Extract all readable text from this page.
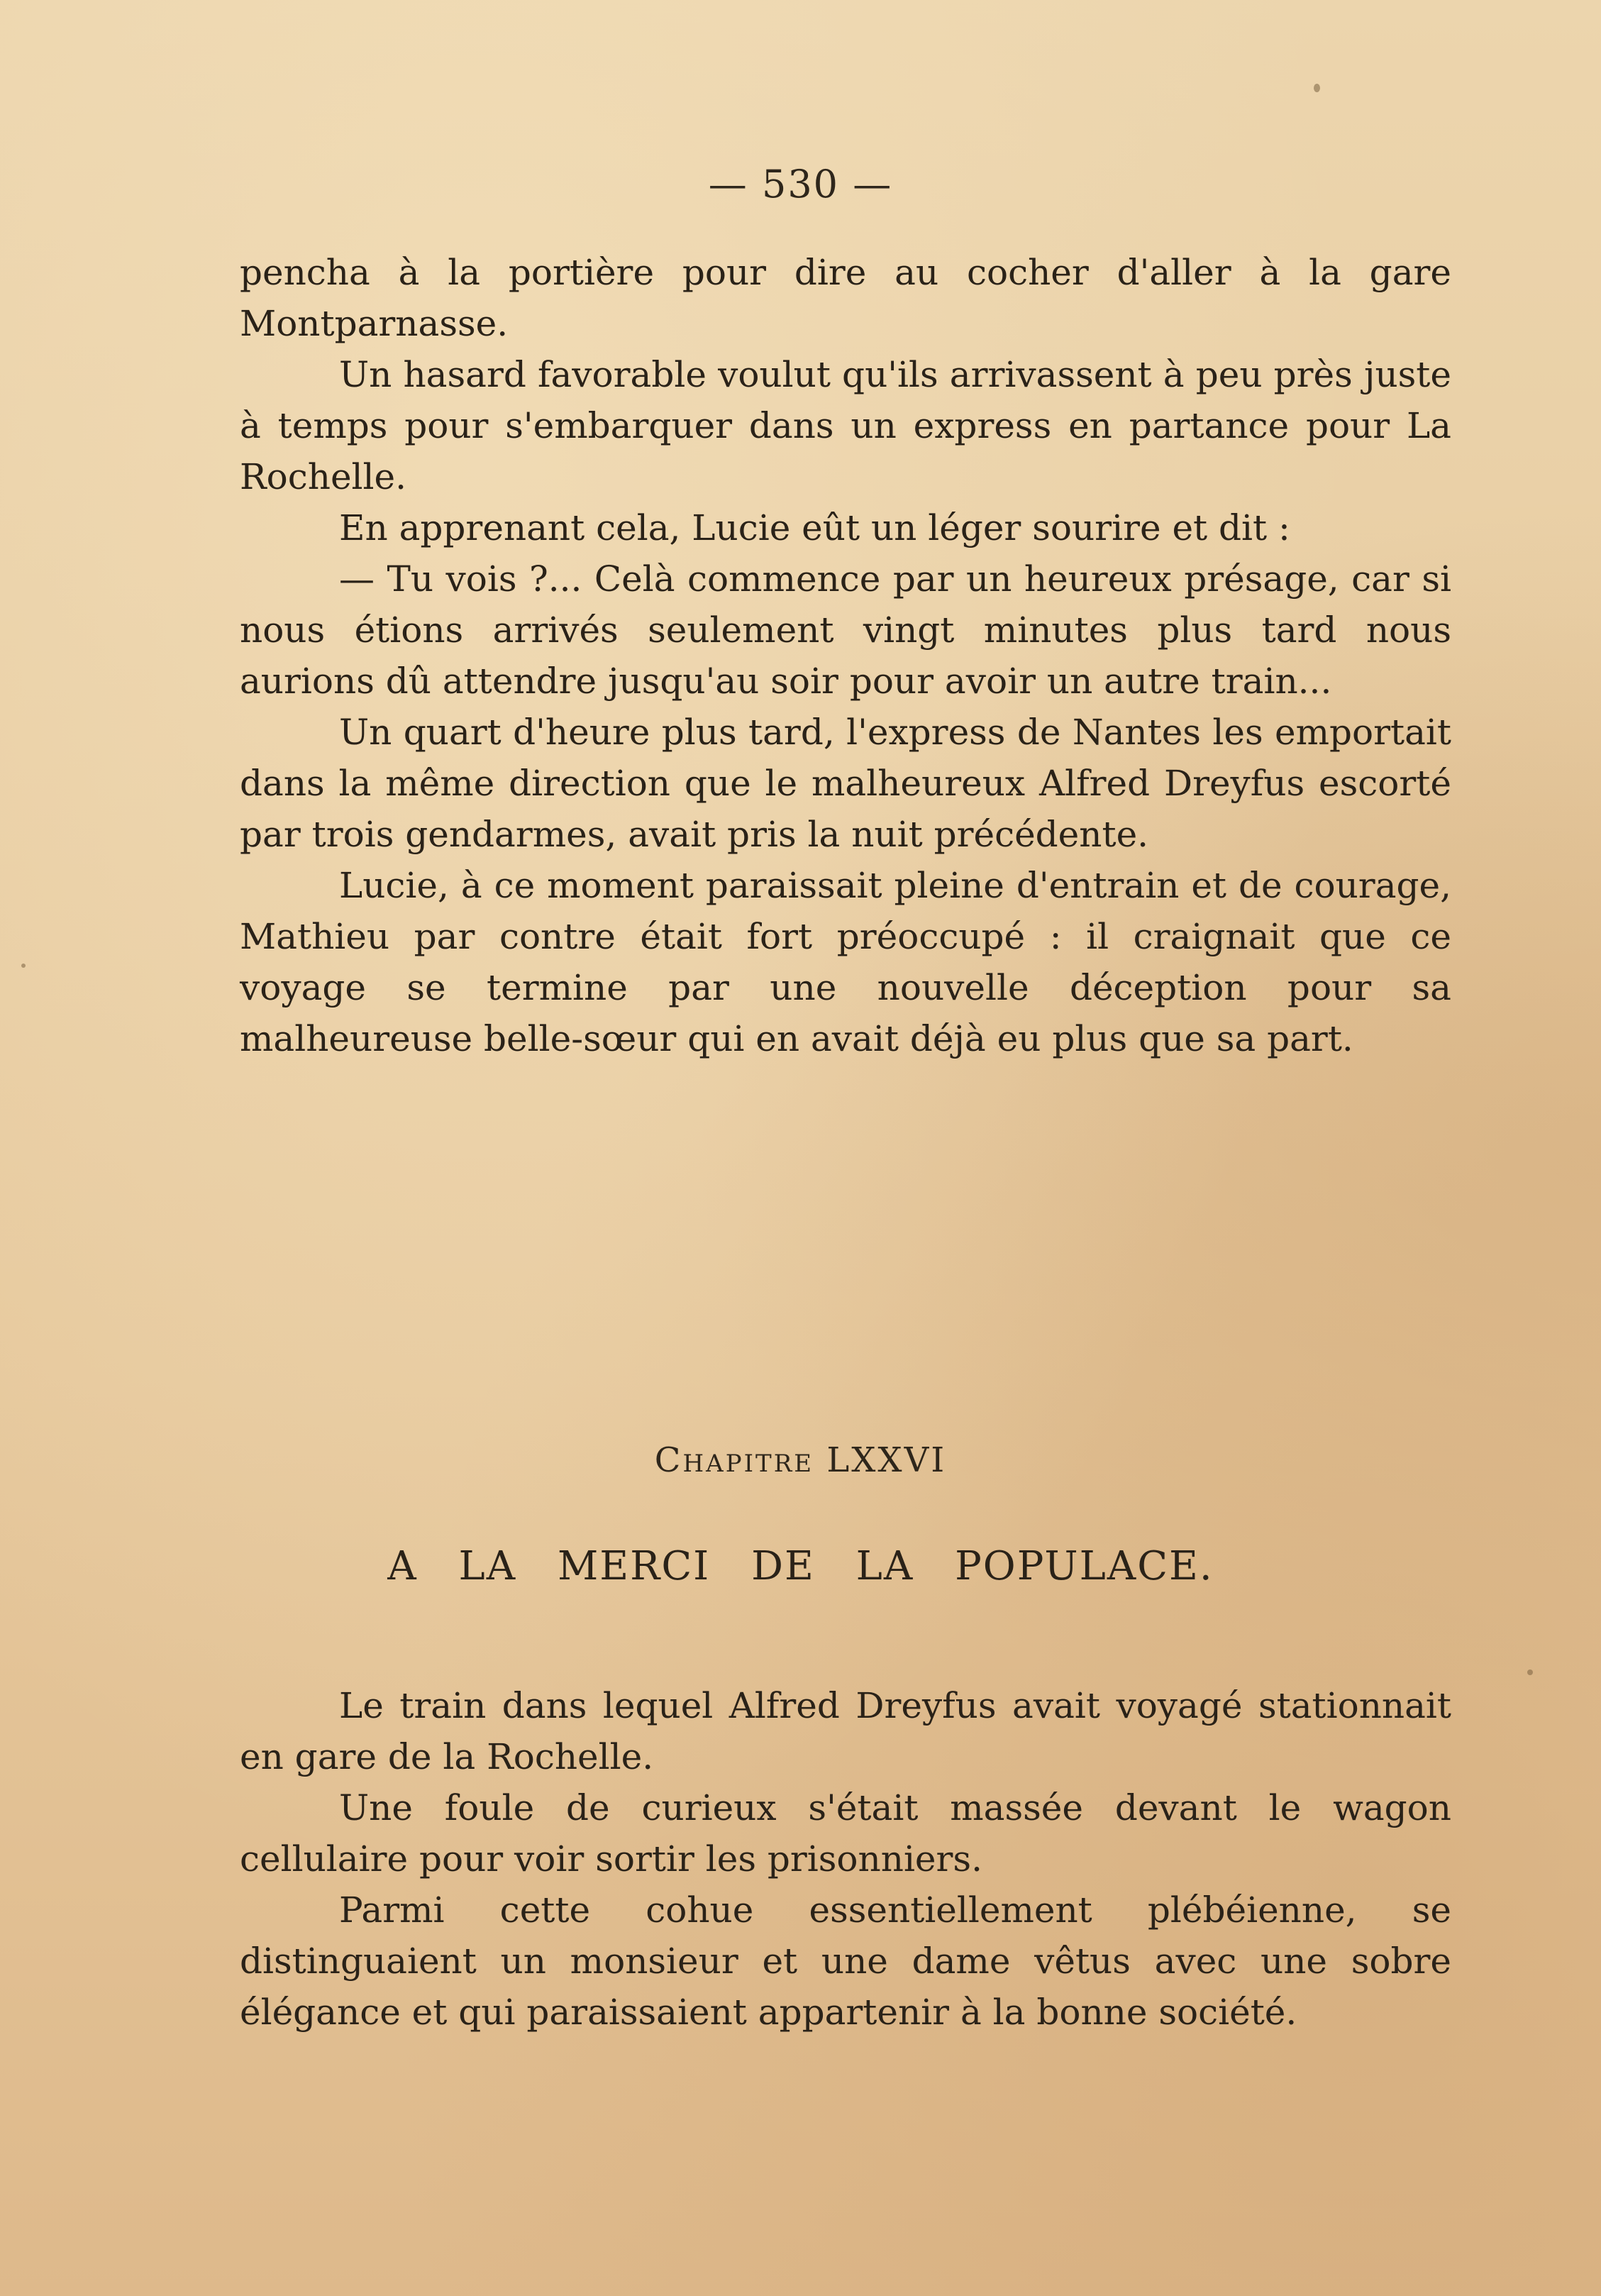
— 530 —

pencha à la portière pour dire au cocher d'aller à la gare Montparnasse.

Un hasard favorable voulut qu'ils arrivassent à peu près juste à temps pour s'embarquer dans un express en partance pour La Rochelle.

En apprenant cela, Lucie eût un léger sourire et dit :

— Tu vois ?... Celà commence par un heureux présage, car si nous étions arrivés seulement vingt minutes plus tard nous aurions dû attendre jusqu'au soir pour avoir un autre train...

Un quart d'heure plus tard, l'express de Nantes les emportait dans la même direction que le malheureux Alfred Dreyfus escorté par trois gendarmes, avait pris la nuit précédente.

Lucie, à ce moment paraissait pleine d'entrain et de courage, Mathieu par contre était fort préoccupé : il craignait que ce voyage se termine par une nouvelle déception pour sa malheureuse belle-sœur qui en avait déjà eu plus que sa part.

Chapitre LXXVI
A LA MERCI DE LA POPULACE.

Le train dans lequel Alfred Dreyfus avait voyagé stationnait en gare de la Rochelle.

Une foule de curieux s'était massée devant le wagon cellulaire pour voir sortir les prisonniers.

Parmi cette cohue essentiellement plébéienne, se distinguaient un monsieur et une dame vêtus avec une sobre élégance et qui paraissaient appartenir à la bonne société.
